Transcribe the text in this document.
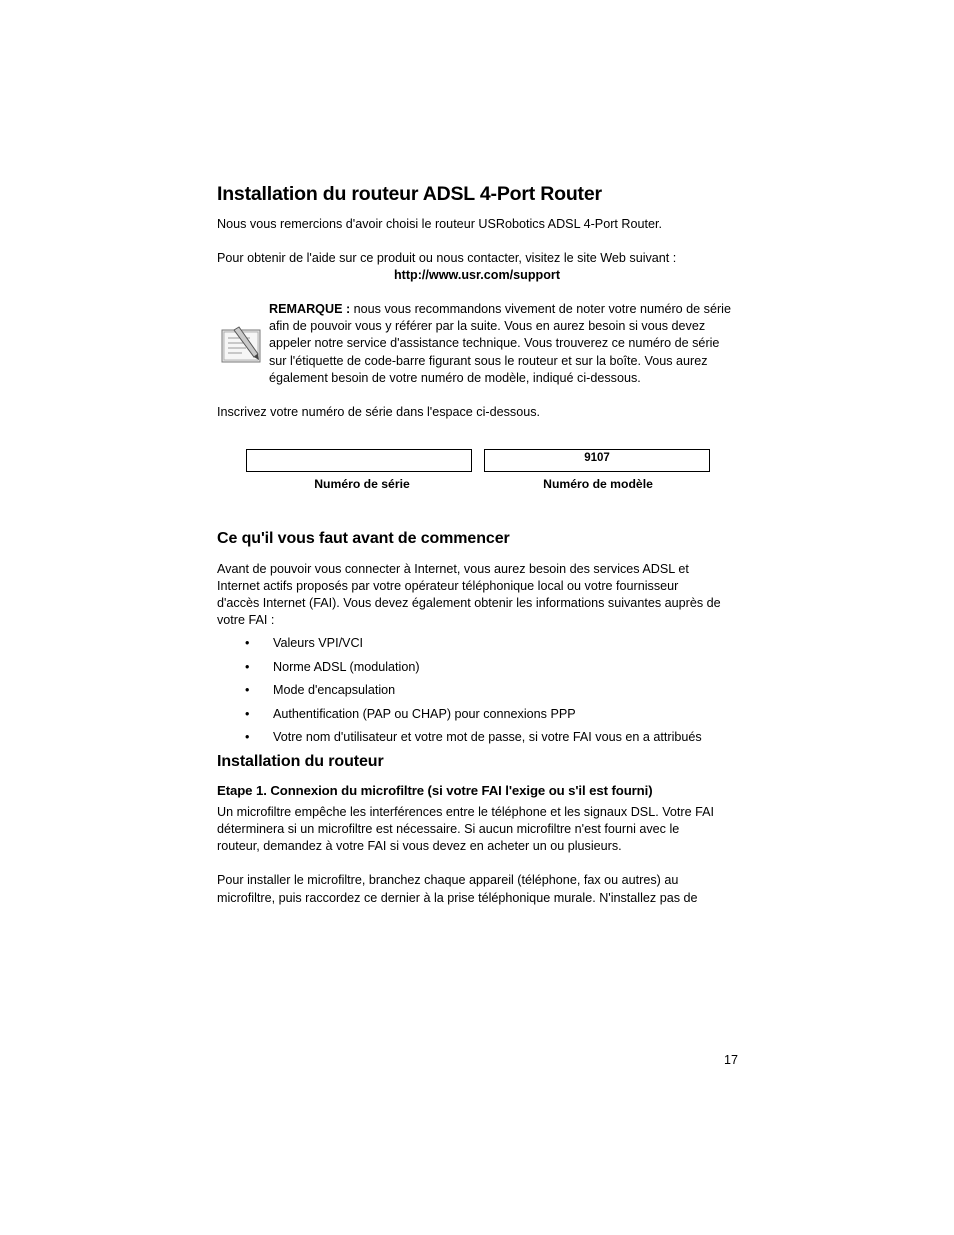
Installation du routeur ADSL 4-Port Router
Nous vous remercions d'avoir choisi le routeur USRobotics ADSL 4-Port Router.
Pour obtenir de l'aide sur ce produit ou nous contacter, visitez le site Web suivant :
http://www.usr.com/support
REMARQUE : nous vous recommandons vivement de noter votre numéro de série
afin de pouvoir vous y référer par la suite. Vous en aurez besoin si vous devez
appeler notre service d'assistance technique. Vous trouverez ce numéro de série
sur l'étiquette de code-barre figurant sous le routeur et sur la boîte. Vous aurez
également besoin de votre numéro de modèle, indiqué ci-dessous.
Inscrivez votre numéro de série dans l'espace ci-dessous.
9107
Numéro de série	Numéro de modèle
Ce qu'il vous faut avant de commencer
Avant de pouvoir vous connecter à Internet, vous aurez besoin des services ADSL et
Internet actifs proposés par votre opérateur téléphonique local ou votre fournisseur
d'accès Internet (FAI). Vous devez également obtenir les informations suivantes auprès de
votre FAI :
• Valeurs VPI/VCI
• Norme ADSL (modulation)
• Mode d'encapsulation
• Authentification (PAP ou CHAP) pour connexions PPP
• Votre nom d'utilisateur et votre mot de passe, si votre FAI vous en a attribués
Installation du routeur
Etape 1. Connexion du microfiltre (si votre FAI l'exige ou s'il est fourni)
Un microfiltre empêche les interférences entre le téléphone et les signaux DSL. Votre FAI
déterminera si un microfiltre est nécessaire. Si aucun microfiltre n'est fourni avec le
routeur, demandez à votre FAI si vous devez en acheter un ou plusieurs.
Pour installer le microfiltre, branchez chaque appareil (téléphone, fax ou autres) au
microfiltre, puis raccordez ce dernier à la prise téléphonique murale. N'installez pas de
17
